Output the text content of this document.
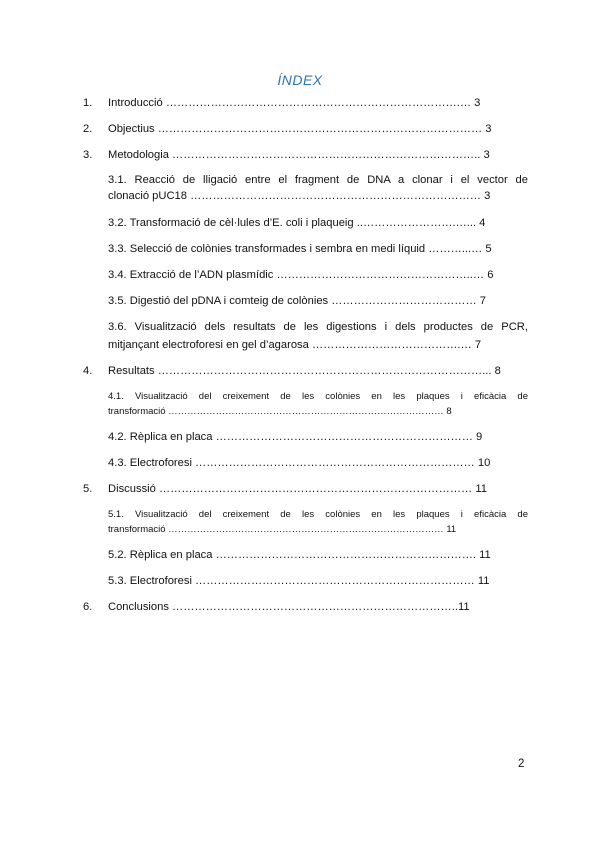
ÍNDEX
1. Introducció …………………………………………………………………….… 3
2. Objectius …………………………………………………………………………… 3
3. Metodologia ……………………………………………………………………….. 3
3.1. Reacció de lligació entre el fragment de DNA a clonar i el vector de
clonació pUC18 …………………………………………………………………… 3
3.2. Transformació de cèl·lules d’E. coli i plaqueig ..…………………….…... 4
3.3. Selecció de colònies transformades i sembra en medi líquid ………...… 5
3.4. Extracció de l’ADN plasmídic ……………………………………………..… 6
3.5. Digestió del pDNA i comteig de colònies ………………………………… 7
3.6. Visualització dels resultats de les digestions i dels productes de PCR,
mitjançant electroforesi en gel d’agarosa ………………………………….… 7
4. Resultats ……………………………………………………………………………... 8
4.1. Visualització del creixement de les colònies en les plaques i eficàcia de
transformació …………………………………………………………………………… 8
4.2. Rèplica en placa …………………………………………………………… 9
4.3. Electroforesi ………………………………………………………………… 10
5. Discussió ………………………………………………………………………… 11
5.1. Visualització del creixement de les colònies en les plaques i eficàcia de
transformació …………………………………………………………………………… 11
5.2. Rèplica en placa ……………………………………………………………. 11
5.3. Electroforesi ………………………………………………………………… 11
6. Conclusions …………………………………………………………………..11
2
